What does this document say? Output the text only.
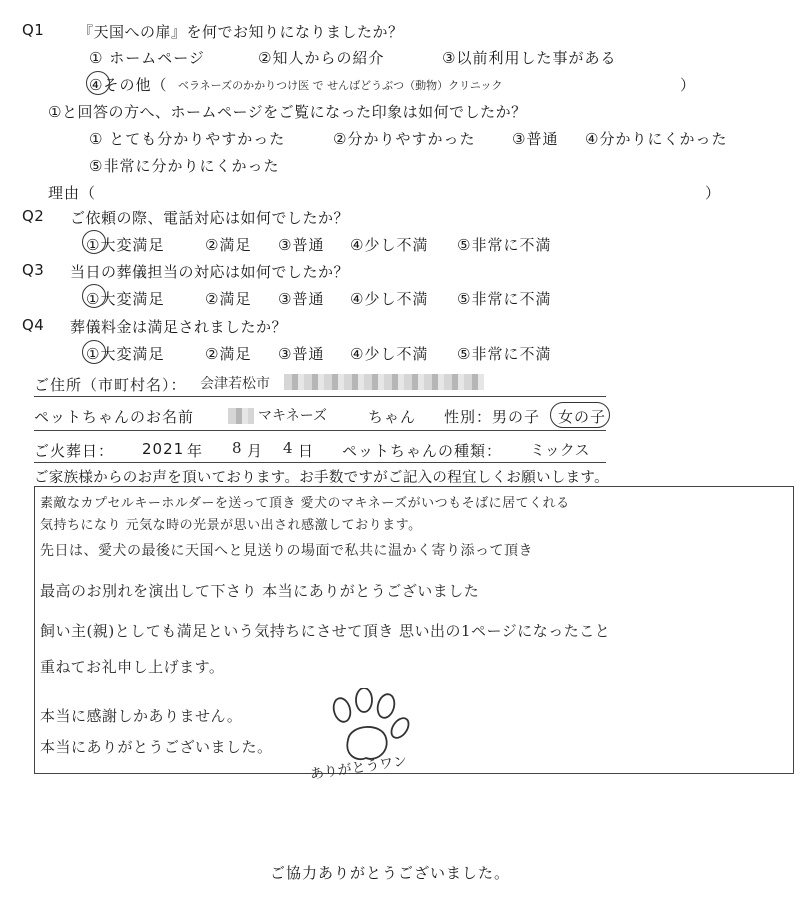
Q1 『天国への扉』を何でお知りになりましたか？
① ホームページ	②知人からの紹介	③以前利用した事がある
④その他（ ベラネーズのかかりつけ医 で せんばどうぶつ（動物）クリニック	）
①と回答の方へ、ホームページをご覧になった印象は如何でしたか？
① とても分かりやすかった	②分かりやすかった ③普通 ④分かりにくかった
⑤非常に分かりにくかった
理由（	）
Q2 ご依頼の際、電話対応は如何でしたか？
①大変満足	②満足 ③普通 ④少し不満 ⑤非常に不満
Q3 当日の葬儀担当の対応は如何でしたか？
①大変満足	②満足 ③普通 ④少し不満 ⑤非常に不満
Q4 葬儀料金は満足されましたか？
①大変満足	②満足 ③普通 ④少し不満 ⑤非常に不満
ご住所（市町村名）： 会津若松市
ペットちゃんのお名前	マキネーズ	ちゃん 性別：男の子 女の子
ご火葬日： 2021 年 8 月 4 日 ペットちゃんの種類： ミックス
ご家族様からのお声を頂いております。お手数ですがご記入の程宜しくお願いします。
素敵なカプセルキーホルダーを送って頂き 愛犬のマキネーズがいつもそばに居てくれる
気持ちになり 元気な時の光景が思い出され感激しております。
先日は、愛犬の最後に天国へと見送りの場面で私共に温かく寄り添って頂き
最高のお別れを演出して下さり 本当にありがとうございました
飼い主(親)としても満足という気持ちにさせて頂き 思い出の1ページになったこと
重ねてお礼申し上げます。
本当に感謝しかありません。
本当にありがとうございました。
ありがとうワン
ご協力ありがとうございました。
